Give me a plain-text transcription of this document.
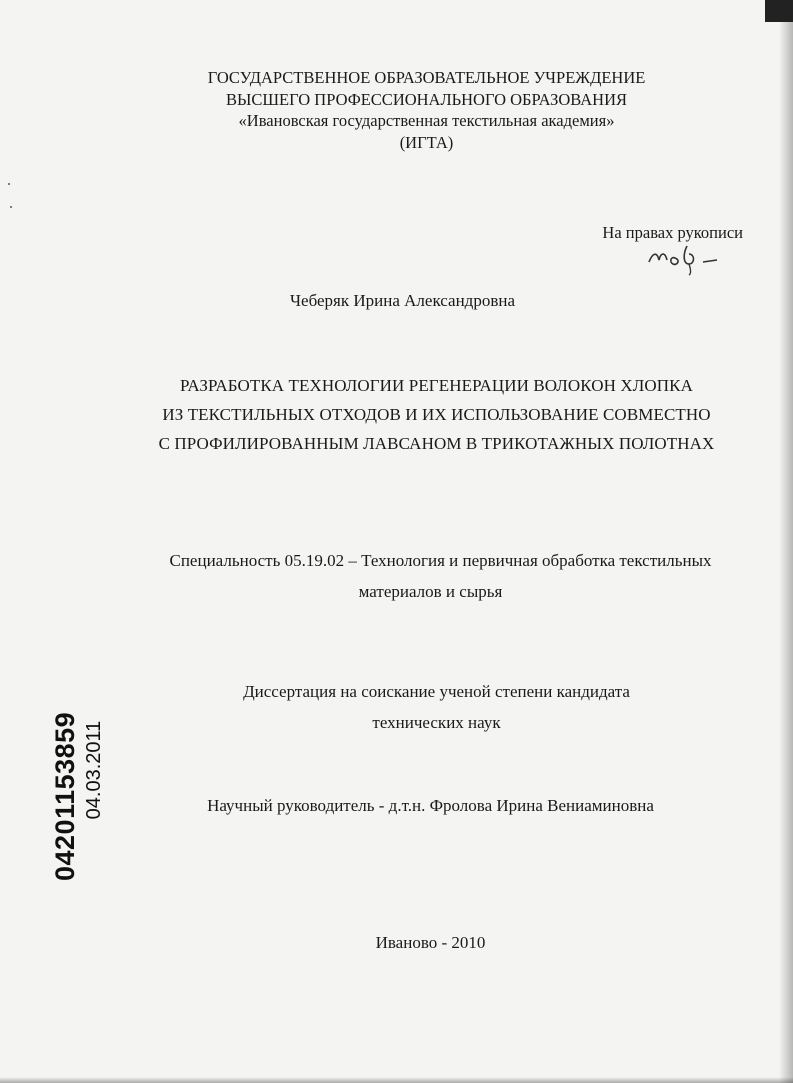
ГОСУДАРСТВЕННОЕ ОБРАЗОВАТЕЛЬНОЕ УЧРЕЖДЕНИЕ
ВЫСШЕГО ПРОФЕССИОНАЛЬНОГО ОБРАЗОВАНИЯ
«Ивановская государственная текстильная академия»
(ИГТА)
На правах рукописи
Чеберяк Ирина Александровна
РАЗРАБОТКА ТЕХНОЛОГИИ РЕГЕНЕРАЦИИ ВОЛОКОН ХЛОПКА
ИЗ ТЕКСТИЛЬНЫХ ОТХОДОВ И ИХ ИСПОЛЬЗОВАНИЕ СОВМЕСТНО
С ПРОФИЛИРОВАННЫМ ЛАВСАНОМ В ТРИКОТАЖНЫХ ПОЛОТНАХ
Специальность 05.19.02 – Технология и первичная обработка текстильных
материалов и сырья
Диссертация на соискание ученой степени кандидата
технических наук
Научный руководитель - д.т.н. Фролова Ирина Вениаминовна
Иваново - 2010
04201153859 04.03.2011
